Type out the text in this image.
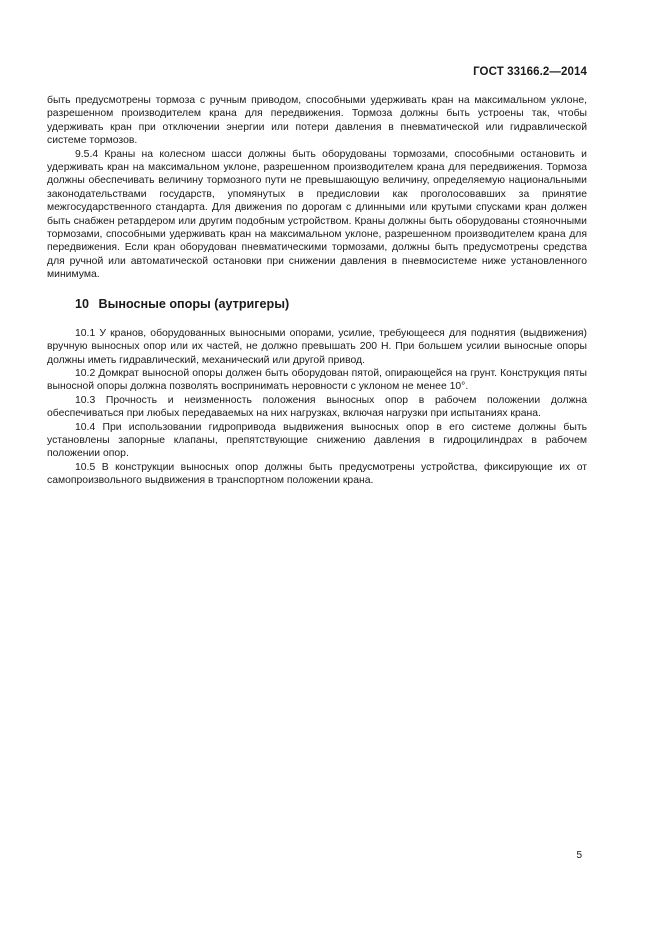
ГОСТ 33166.2—2014

быть предусмотрены тормоза с ручным приводом, способными удерживать кран на максимальном уклоне, разрешенном производителем крана для передвижения. Тормоза должны быть устроены так, чтобы удерживать кран при отключении энергии или потери давления в пневматической или гидравлической системе тормозов.

9.5.4 Краны на колесном шасси должны быть оборудованы тормозами, способными остановить и удерживать кран на максимальном уклоне, разрешенном производителем крана для передвижения. Тормоза должны обеспечивать величину тормозного пути не превышающую величину, определяемую национальными законодательствами государств, упомянутых в предисловии как проголосовавших за принятие межгосударственного стандарта. Для движения по дорогам с длинными или крутыми спусками кран должен быть снабжен ретардером или другим подобным устройством. Краны должны быть оборудованы стояночными тормозами, способными удерживать кран на максимальном уклоне, разрешенном производителем крана для передвижения. Если кран оборудован пневматическими тормозами, должны быть предусмотрены средства для ручной или автоматической остановки при снижении давления в пневмосистеме ниже установленного минимума.

10 Выносные опоры (аутригеры)

10.1 У кранов, оборудованных выносными опорами, усилие, требующееся для поднятия (выдвижения) вручную выносных опор или их частей, не должно превышать 200 Н. При большем усилии выносные опоры должны иметь гидравлический, механический или другой привод.

10.2 Домкрат выносной опоры должен быть оборудован пятой, опирающейся на грунт. Конструкция пяты выносной опоры должна позволять воспринимать неровности с уклоном не менее 10°.

10.3 Прочность и неизменность положения выносных опор в рабочем положении должна обеспечиваться при любых передаваемых на них нагрузках, включая нагрузки при испытаниях крана.

10.4 При использовании гидропривода выдвижения выносных опор в его системе должны быть установлены запорные клапаны, препятствующие снижению давления в гидроцилиндрах в рабочем положении опор.

10.5 В конструкции выносных опор должны быть предусмотрены устройства, фиксирующие их от самопроизвольного выдвижения в транспортном положении крана.

5
